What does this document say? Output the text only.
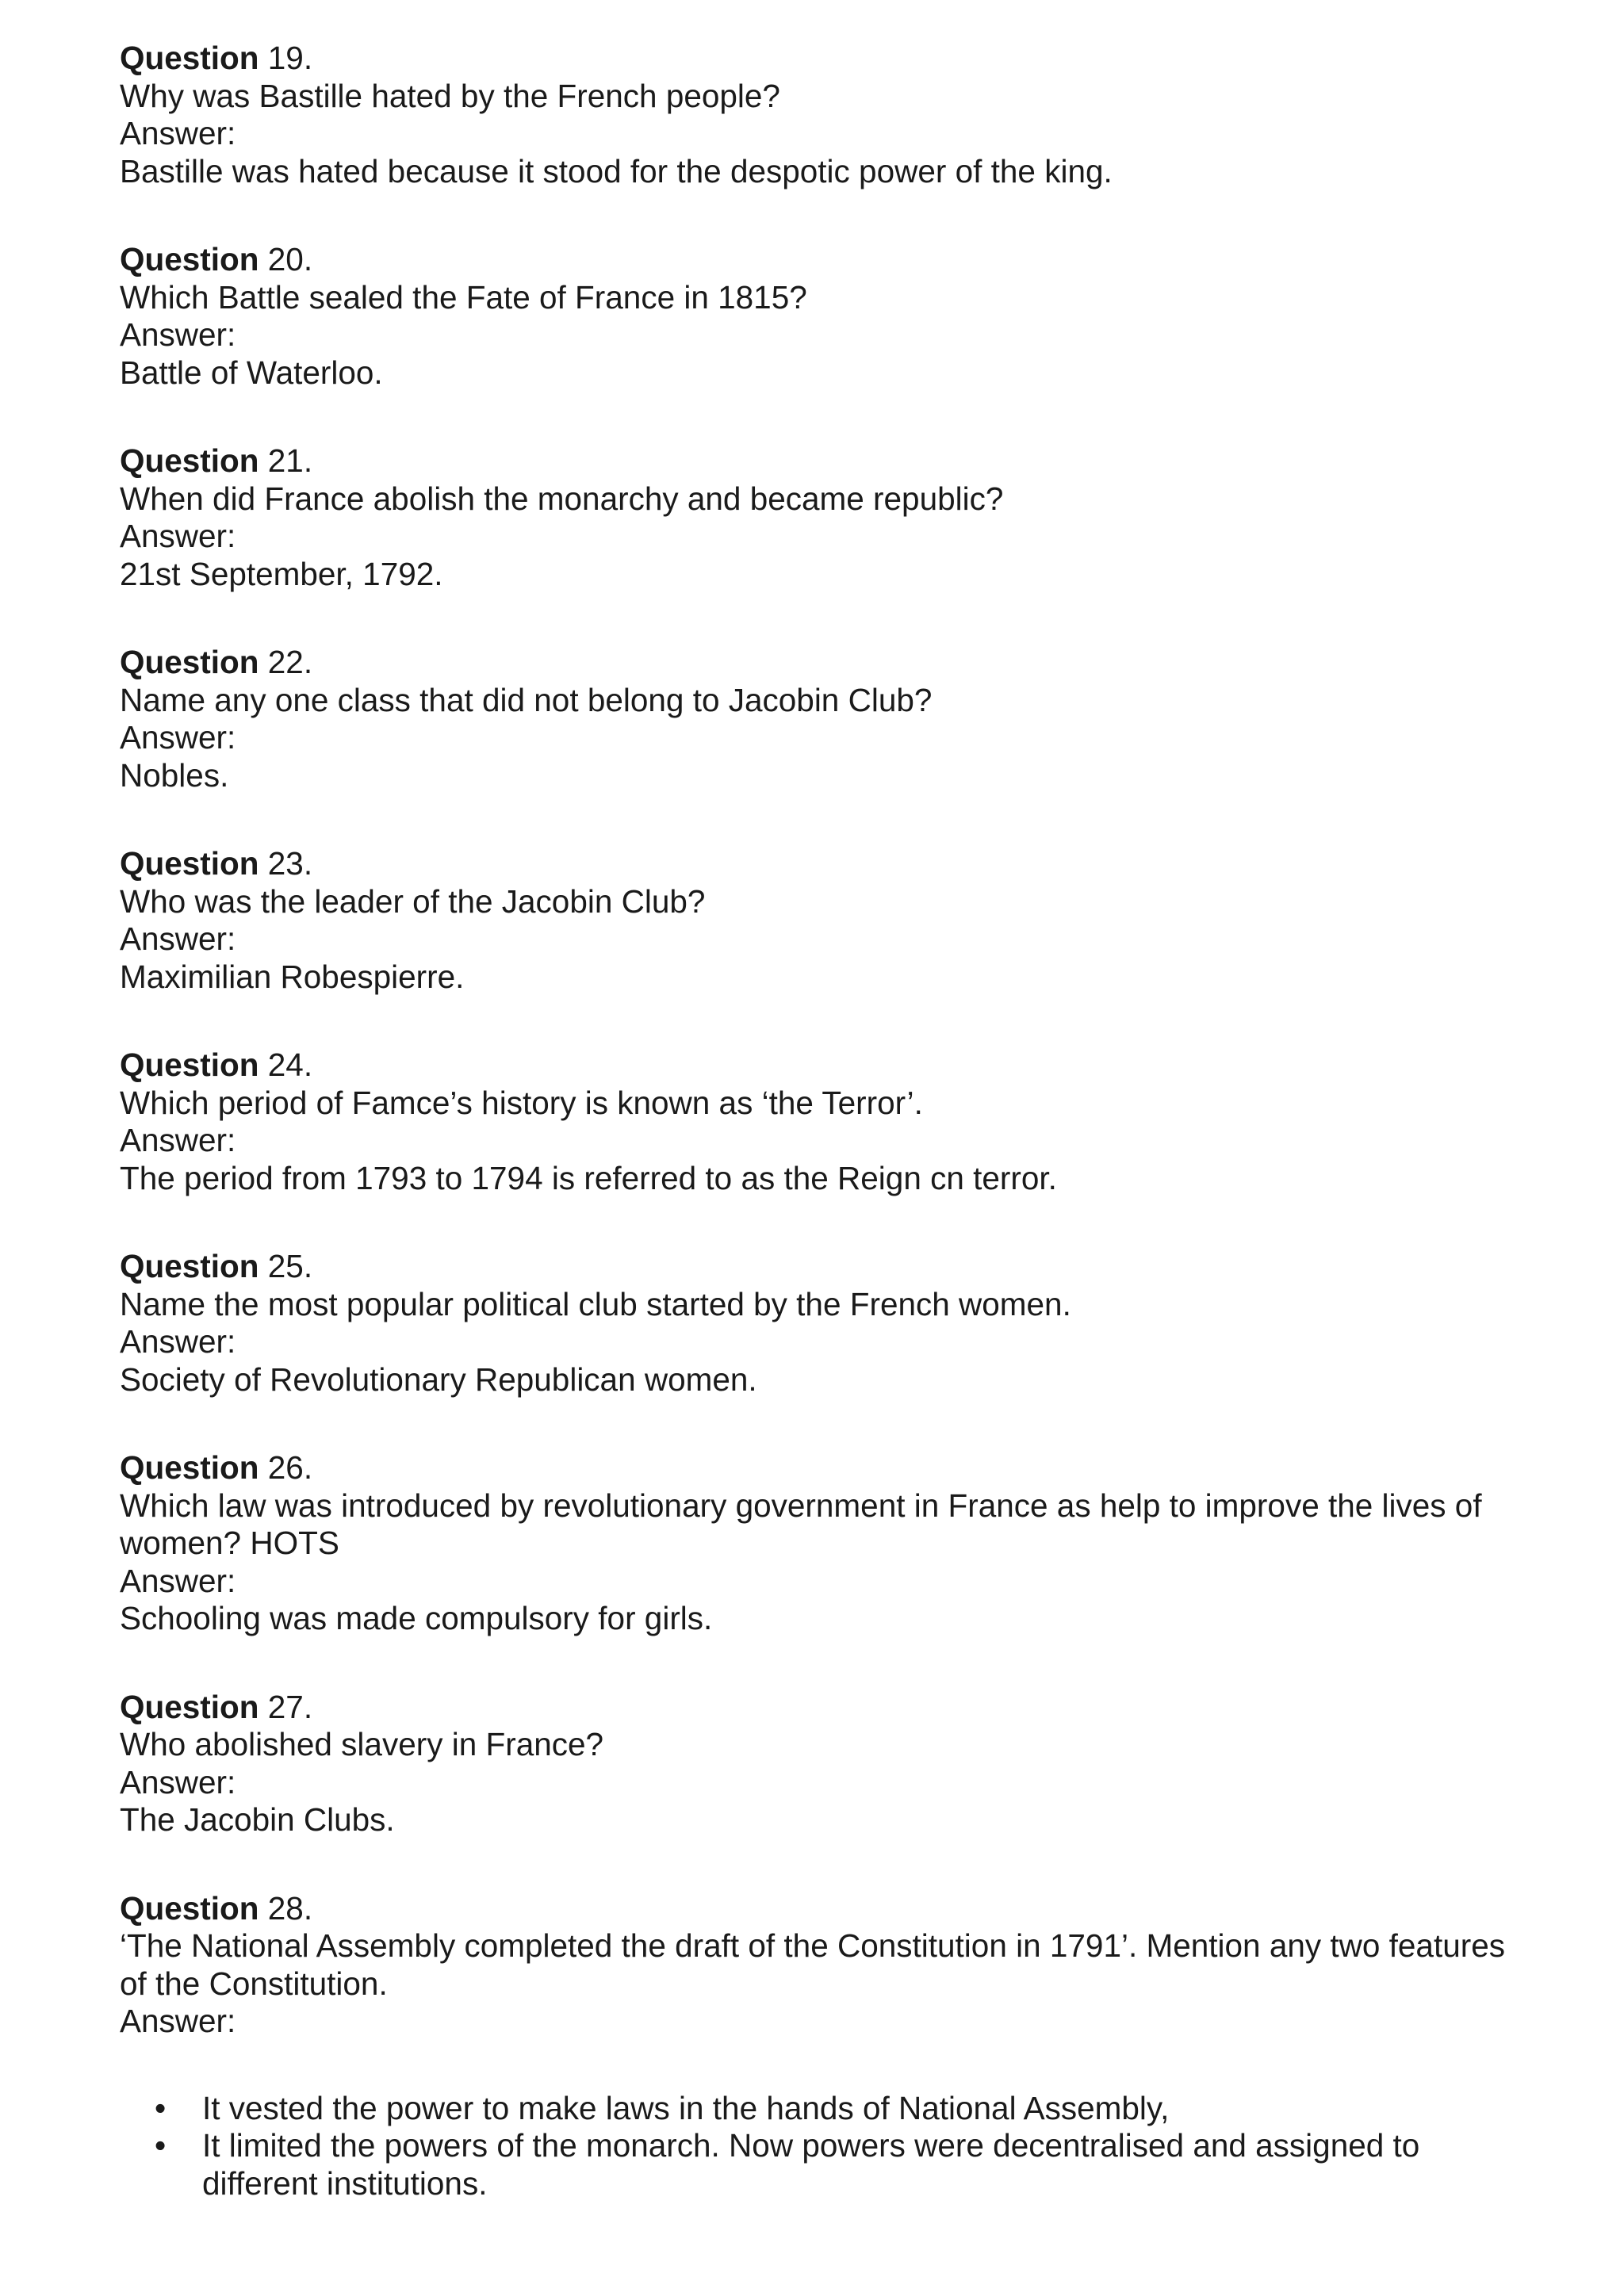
Question 19.
Why was Bastille hated by the French people?
Answer:
Bastille was hated because it stood for the despotic power of the king.
Question 20.
Which Battle sealed the Fate of France in 1815?
Answer:
Battle of Waterloo.
Question 21.
When did France abolish the monarchy and became republic?
Answer:
21st September, 1792.
Question 22.
Name any one class that did not belong to Jacobin Club?
Answer:
Nobles.
Question 23.
Who was the leader of the Jacobin Club?
Answer:
Maximilian Robespierre.
Question 24.
Which period of Famce’s history is known as ‘the Terror’.
Answer:
The period from 1793 to 1794 is referred to as the Reign cn terror.
Question 25.
Name the most popular political club started by the French women.
Answer:
Society of Revolutionary Republican women.
Question 26.
Which law was introduced by revolutionary government in France as help to improve the lives of women? HOTS
Answer:
Schooling was made compulsory for girls.
Question 27.
Who abolished slavery in France?
Answer:
The Jacobin Clubs.
Question 28.
‘The National Assembly completed the draft of the Constitution in 1791’. Mention any two features of the Constitution.
Answer:
• It vested the power to make laws in the hands of National Assembly,
• It limited the powers of the monarch. Now powers were decentralised and assigned to different institutions.
